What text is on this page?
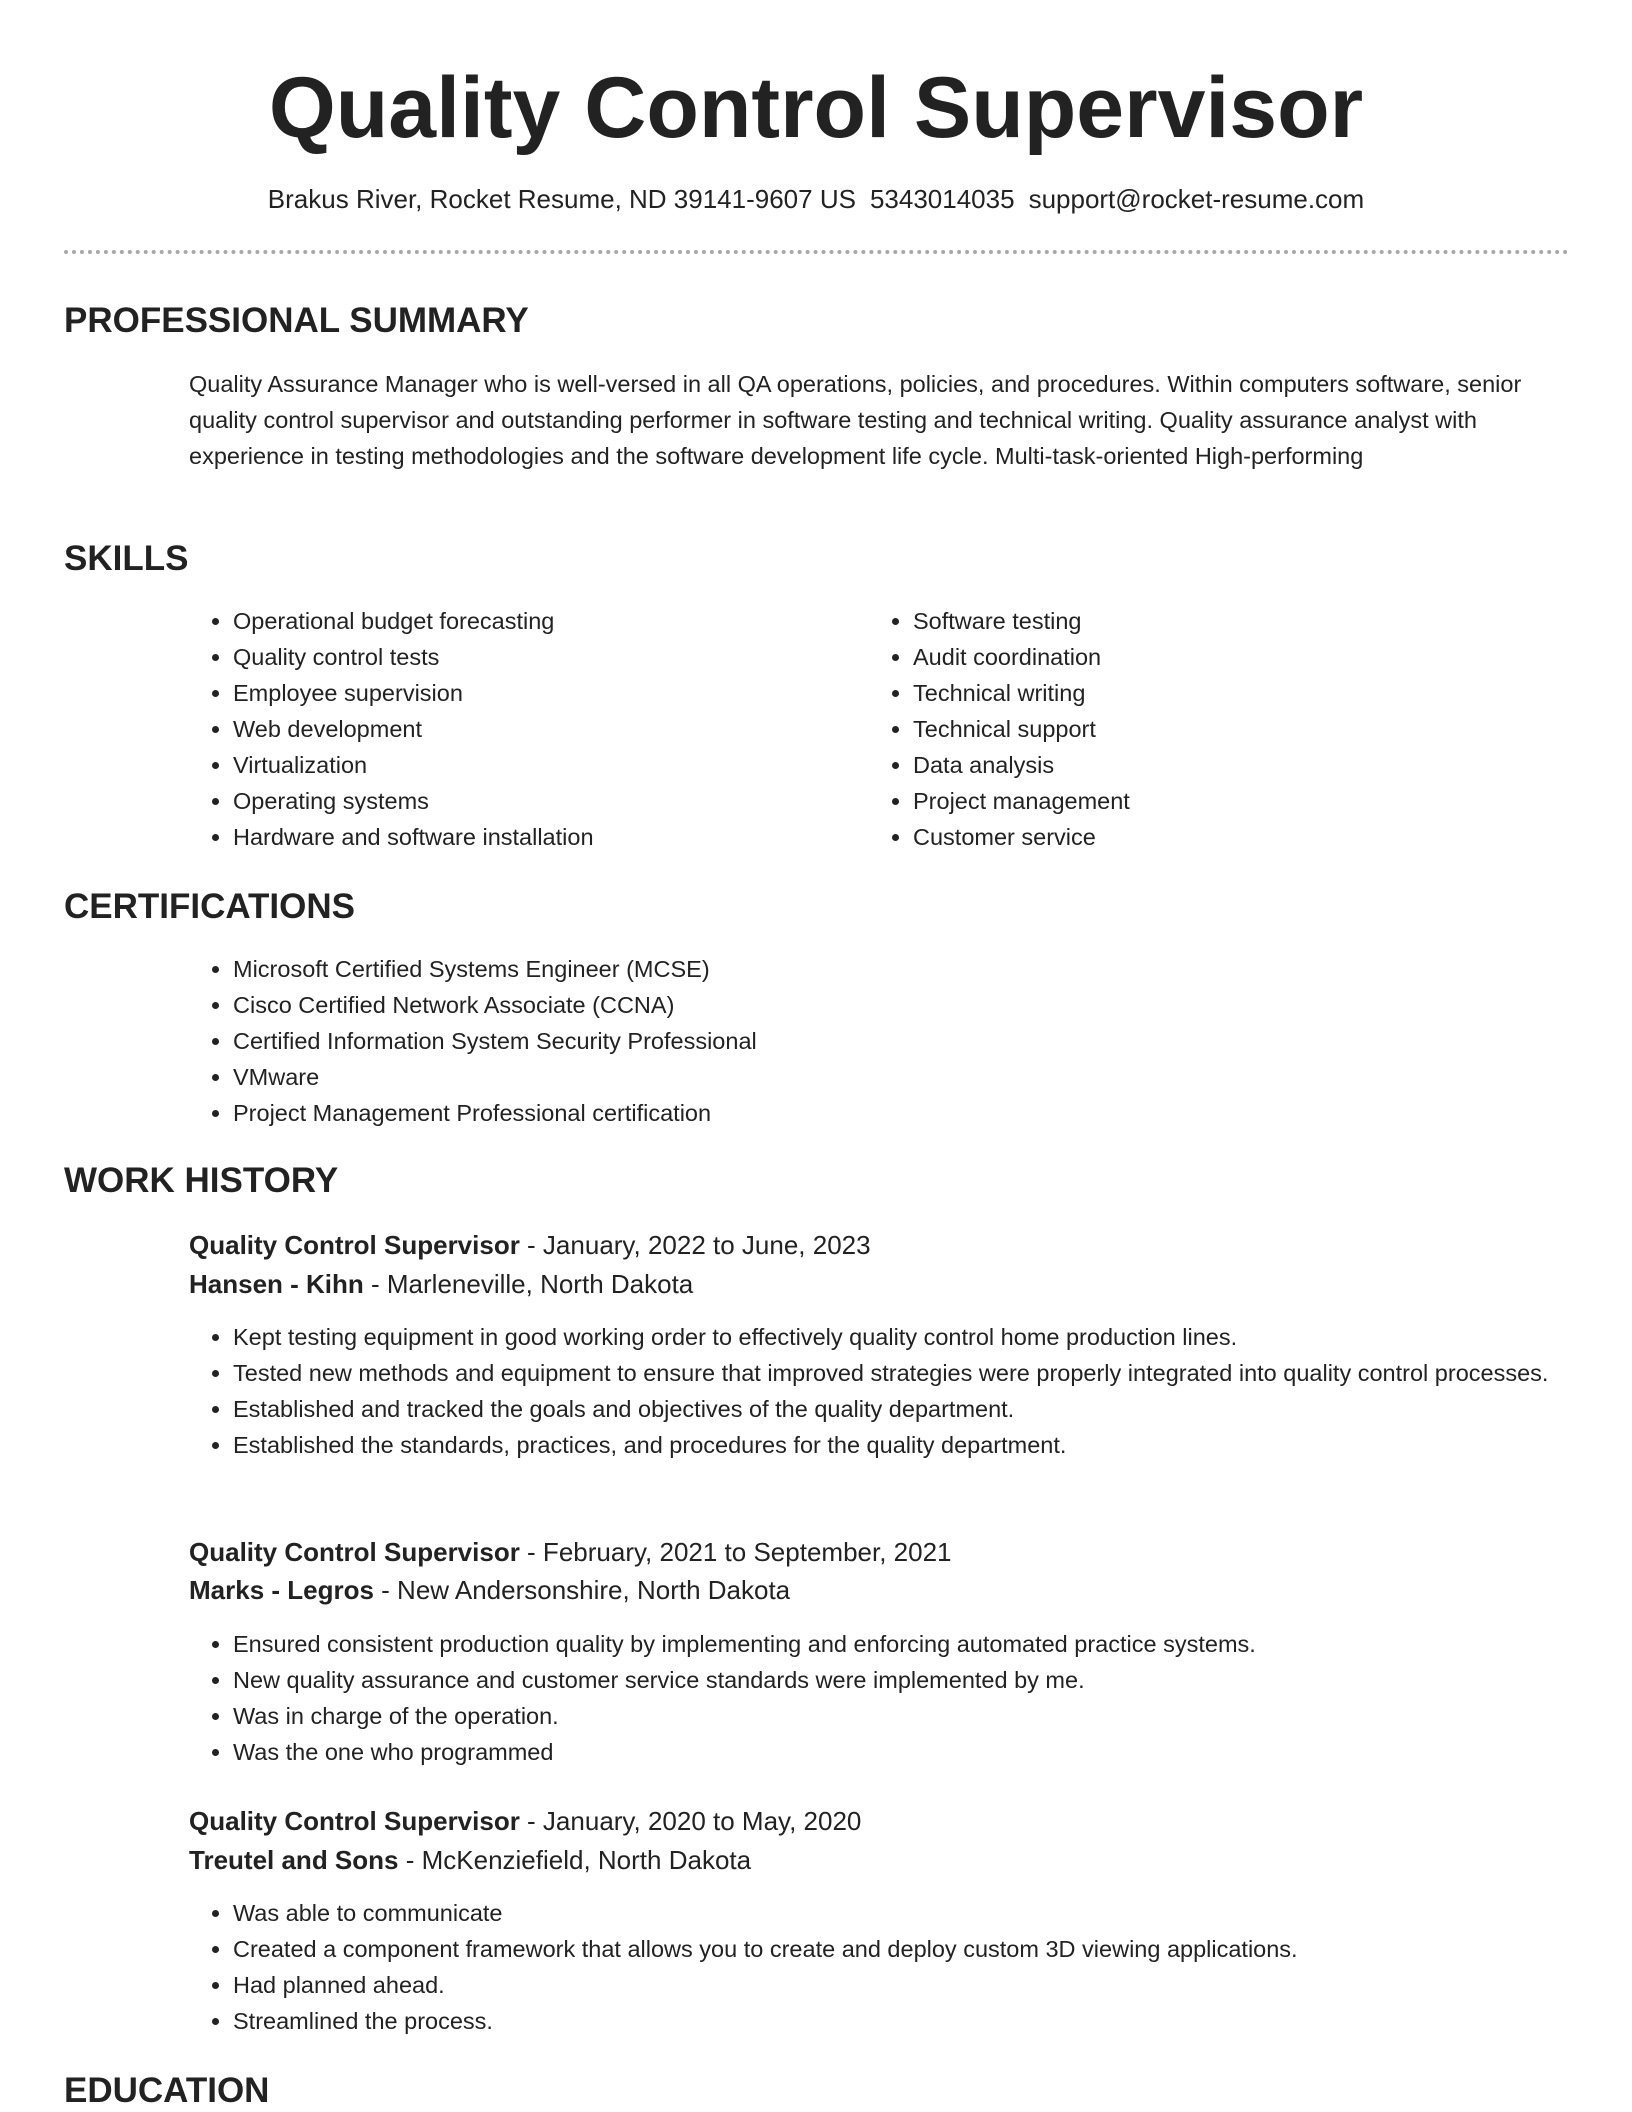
Quality Control Supervisor
Brakus River, Rocket Resume, ND 39141-9607 US 5343014035 support@rocket-resume.com
PROFESSIONAL SUMMARY

Quality Assurance Manager who is well-versed in all QA operations, policies, and procedures. Within computers software, senior quality control supervisor and outstanding performer in software testing and technical writing. Quality assurance analyst with experience in testing methodologies and the software development life cycle. Multi-task-oriented High-performing

SKILLS
• Operational budget forecasting
• Quality control tests
• Employee supervision
• Web development
• Virtualization
• Operating systems
• Hardware and software installation
• Software testing
• Audit coordination
• Technical writing
• Technical support
• Data analysis
• Project management
• Customer service
CERTIFICATIONS
• Microsoft Certified Systems Engineer (MCSE)
• Cisco Certified Network Associate (CCNA)
• Certified Information System Security Professional
• VMware
• Project Management Professional certification
WORK HISTORY
Quality Control Supervisor - January, 2022 to June, 2023
Hansen - Kihn - Marleneville, North Dakota
• Kept testing equipment in good working order to effectively quality control home production lines.
• Tested new methods and equipment to ensure that improved strategies were properly integrated into quality control processes.
• Established and tracked the goals and objectives of the quality department.
• Established the standards, practices, and procedures for the quality department.
Quality Control Supervisor - February, 2021 to September, 2021
Marks - Legros - New Andersonshire, North Dakota
• Ensured consistent production quality by implementing and enforcing automated practice systems.
• New quality assurance and customer service standards were implemented by me.
• Was in charge of the operation.
• Was the one who programmed
Quality Control Supervisor - January, 2020 to May, 2020
Treutel and Sons - McKenziefield, North Dakota
• Was able to communicate
• Created a component framework that allows you to create and deploy custom 3D viewing applications.
• Had planned ahead.
• Streamlined the process.
EDUCATION
